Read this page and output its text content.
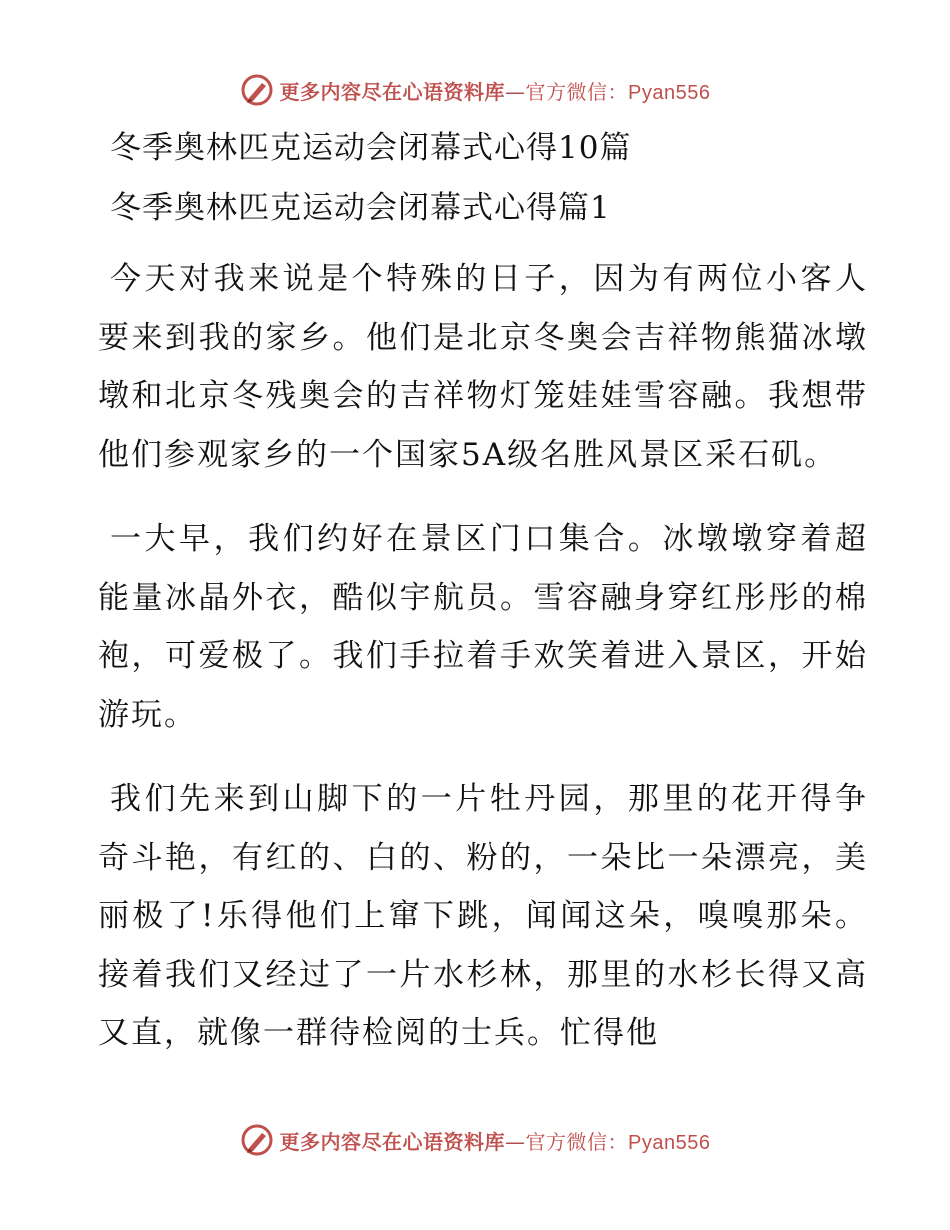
更多内容尽在心语资料库—官方微信：Pyan556
冬季奥林匹克运动会闭幕式心得10篇
冬季奥林匹克运动会闭幕式心得篇1

今天对我来说是个特殊的日子，因为有两位小客人要来到我的家乡。他们是北京冬奥会吉祥物熊猫冰墩墩和北京冬残奥会的吉祥物灯笼娃娃雪容融。我想带他们参观家乡的一个国家5A级名胜风景区采石矶。

一大早，我们约好在景区门口集合。冰墩墩穿着超能量冰晶外衣，酷似宇航员。雪容融身穿红彤彤的棉袍，可爱极了。我们手拉着手欢笑着进入景区，开始游玩。

我们先来到山脚下的一片牡丹园，那里的花开得争奇斗艳，有红的、白的、粉的，一朵比一朵漂亮，美丽极了!乐得他们上窜下跳，闻闻这朵，嗅嗅那朵。接着我们又经过了一片水杉林，那里的水杉长得又高又直，就像一群待检阅的士兵。忙得他

更多内容尽在心语资料库—官方微信：Pyan556
